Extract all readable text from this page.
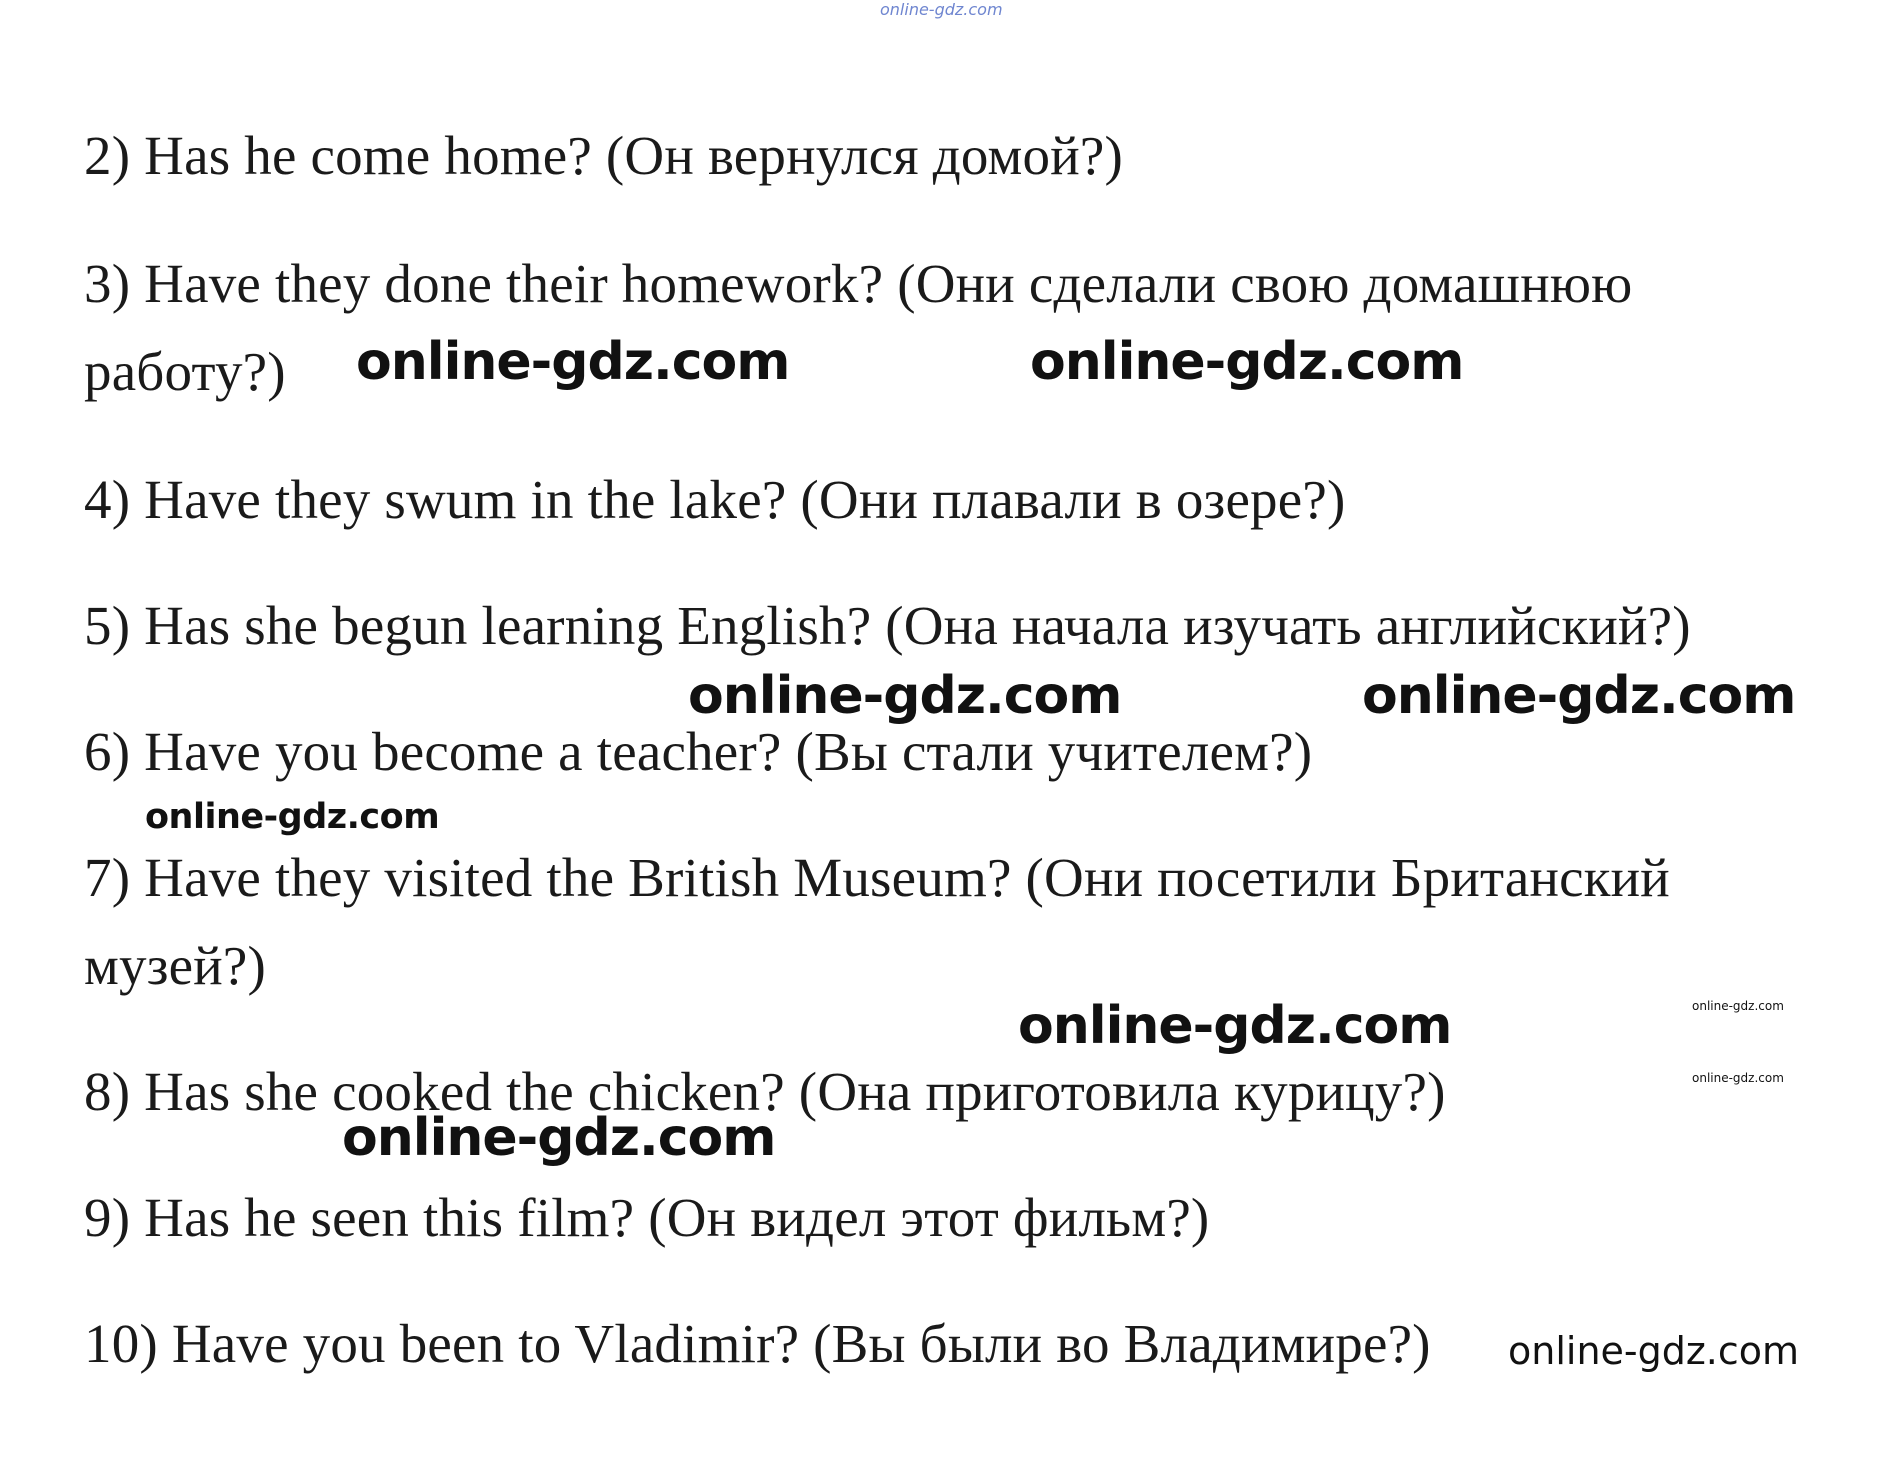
online-gdz.com
2) Has he come home? (Он вернулся домой?)
3) Have they done their homework? (Они сделали свою домашнюю
работу?) online-gdz.com	online-gdz.com
4) Have they swum in the lake? (Они плавали в озере?)
5) Has she begun learning English? (Она начала изучать английский?)
online-gdz.com	online-gdz.com
6) Have you become a teacher? (Вы стали учителем?)
online-gdz.com
7) Have they visited the British Museum? (Они посетили Британский
музей?)
online-gdz.com	online-gdz.com
8) Has she cooked the chicken? (Она приготовила курицу?)	online-gdz.com
online-gdz.com
9) Has he seen this film? (Он видел этот фильм?)
10) Have you been to Vladimir? (Вы были во Владимире?) online-gdz.com
